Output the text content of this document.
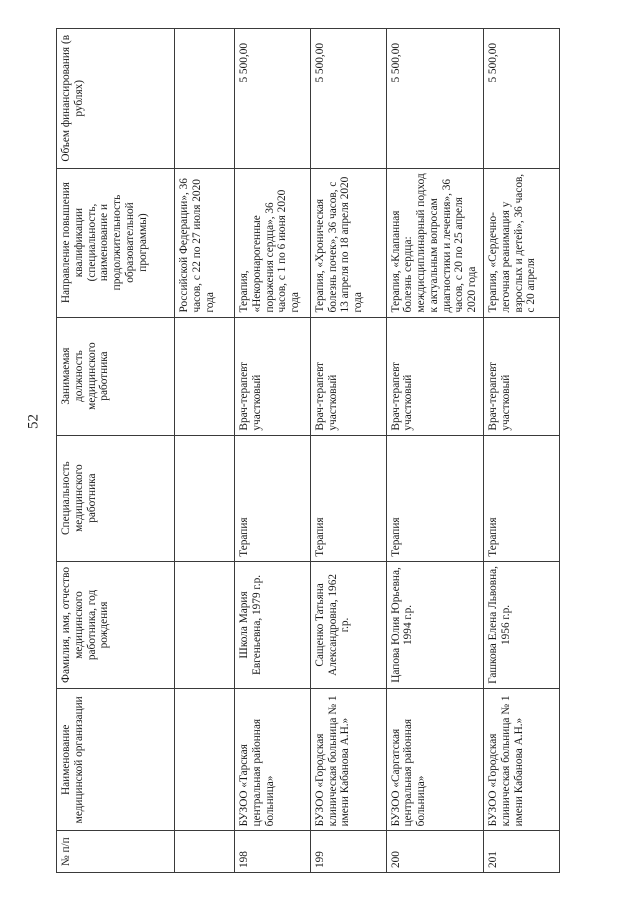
52
№ п/п	Наименование медицинской организации	Фамилия, имя, отчество медицинского работника, год рождения	Специальность медицинского работника	Занимаемая должность медицинского работника	Направление повышения квалификации (специальность, наименование и продолжительность образовательной программы)	Объем финансирования (в рублях)
					Российской Федерации», 36 часов, с 22 по 27 июля 2020 года	
198	БУЗОО «Тарская центральная районная больница»	Школа Мария Евгеньевна, 1979 г.р.	Терапия	Врач-терапевт участковый	Терапия, «Некоронарогенные поражения сердца», 36 часов, с 1 по 6 июня 2020 года	5 500,00
199	БУЗОО «Городская клиническая больница № 1 имени Кабанова А.Н.»	Сащенко Татьяна Александровна, 1962 г.р.	Терапия	Врач-терапевт участковый	Терапия, «Хроническая болезнь почек», 36 часов, с 13 апреля по 18 апреля 2020 года	5 500,00
200	БУЗОО «Саргатская центральная районная больница»	Цапова Юлия Юрьевна, 1994 г.р.	Терапия	Врач-терапевт участковый	Терапия, «Клапанная болезнь сердца: междисциплинарный подход к актуальным вопросам диагностики и лечения», 36 часов, с 20 по 25 апреля 2020 года	5 500,00
201	БУЗОО «Городская клиническая больница № 1 имени Кабанова А.Н.»	Гашкова Елена Львовна, 1956 г.р.	Терапия	Врач-терапевт участковый	Терапия, «Сердечно-легочная реанимация у взрослых и детей», 36 часов, с 20 апреля	5 500,00
